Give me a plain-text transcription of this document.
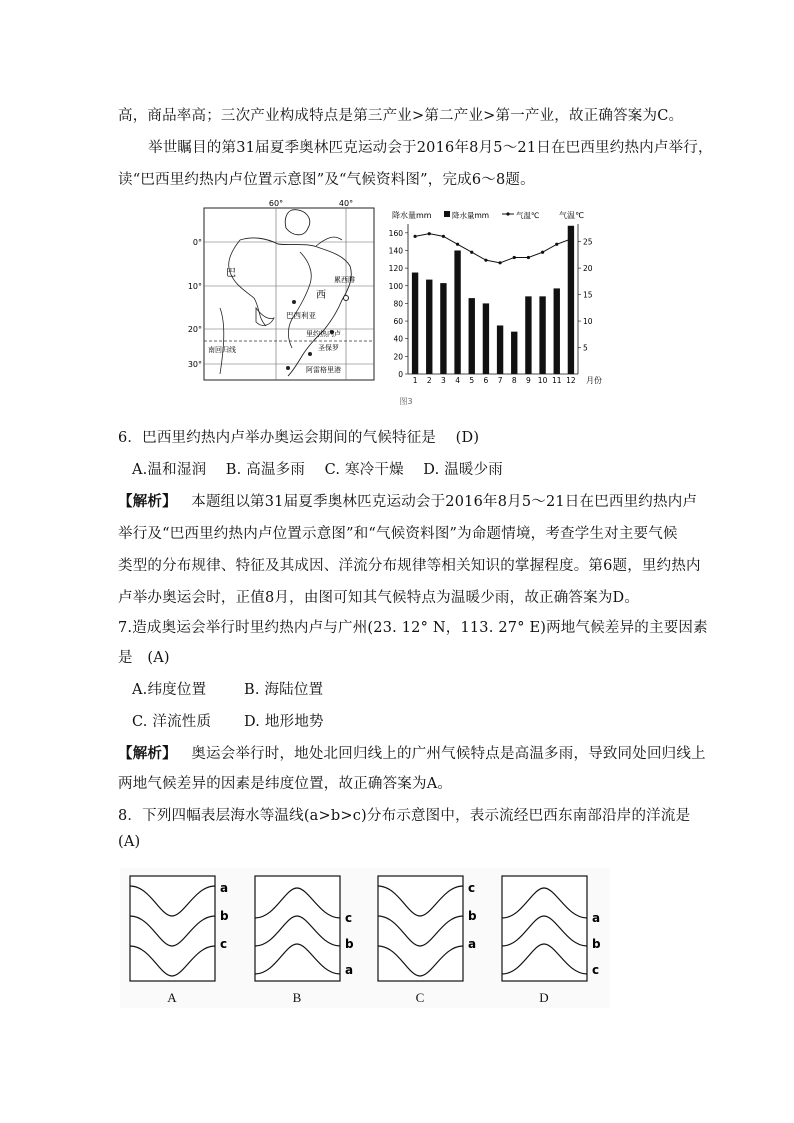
高，商品率高；三次产业构成特点是第三产业>第二产业>第一产业，故正确答案为C。
举世瞩目的第31届夏季奥林匹克运动会于2016年8月5～21日在巴西里约热内卢举行，
读“巴西里约热内卢位置示意图”及“气候资料图”，完成6～8题。
60°	40°
0°
10°
20°
30°
巴
西
巴西利亚
累西腓
里约热内卢
圣保罗
阿雷格里港
南回归线
降水量mm	气温℃
降水量mm	气温℃
0
20
40
60
80
100
120
140
160
5
10
15
20
25
1 2 3 4 5 6 7 8 9 10 11 12 月份
图3
6．巴西里约热内卢举办奥运会期间的气候特征是　 (D)
A.温和湿润　 B. 高温多雨　 C. 寒冷干燥　 D. 温暖少雨
【解析】 本题组以第31届夏季奥林匹克运动会于2016年8月5～21日在巴西里约热内卢
举行及“巴西里约热内卢位置示意图”和“气候资料图”为命题情境，考查学生对主要气候
类型的分布规律、特征及其成因、洋流分布规律等相关知识的掌握程度。第6题，里约热内
卢举办奥运会时，正值8月，由图可知其气候特点为温暖少雨，故正确答案为D。
7.造成奥运会举行时里约热内卢与广州(23. 12° N，113. 27° E)两地气候差异的主要因素
是　(A)
A.纬度位置	B. 海陆位置
C. 洋流性质 D. 地形地势
【解析】 奥运会举行时，地处北回归线上的广州气候特点是高温多雨，导致同处回归线上
两地气候差异的因素是纬度位置，故正确答案为A。
8．下列四幅表层海水等温线(a>b>c)分布示意图中，表示流经巴西东南部沿岸的洋流是
(A)
a
b
c
A
c
b
a
B
c
b
a
C
a
b
c
D
